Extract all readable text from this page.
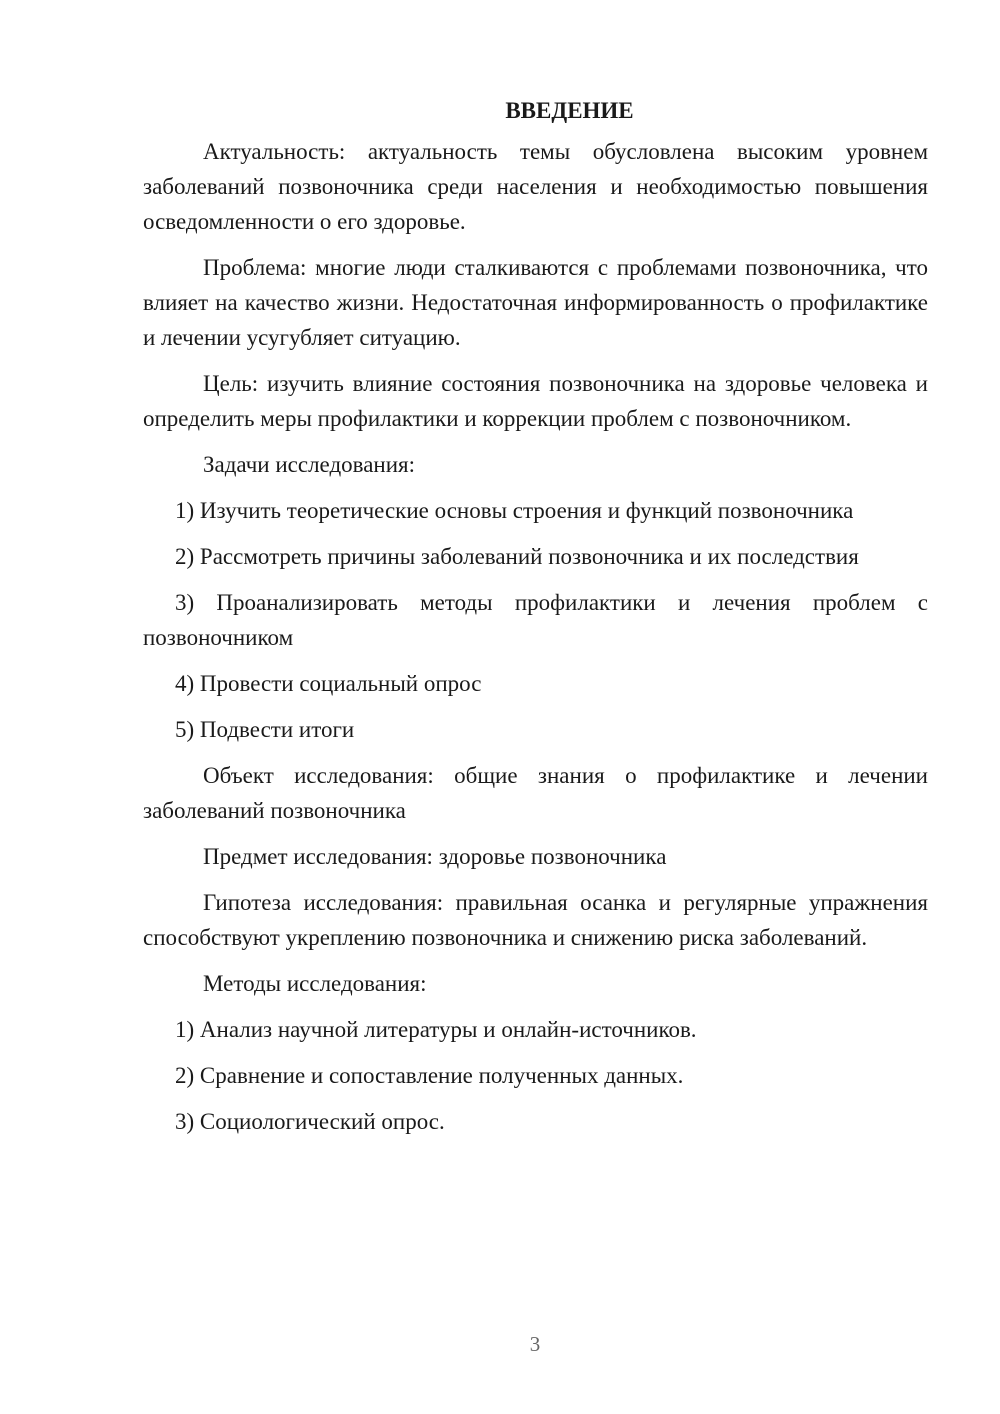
ВВЕДЕНИЕ

Актуальность: актуальность темы обусловлена высоким уровнем заболеваний позвоночника среди населения и необходимостью повышения осведомленности о его здоровье.

Проблема: многие люди сталкиваются с проблемами позвоночника, что влияет на качество жизни. Недостаточная информированность о профилактике и лечении усугубляет ситуацию.

Цель: изучить влияние состояния позвоночника на здоровье человека и определить меры профилактики и коррекции проблем с позвоночником.

Задачи исследования:

1) Изучить теоретические основы строения и функций позвоночника

2) Рассмотреть причины заболеваний позвоночника и их последствия

3) Проанализировать методы профилактики и лечения проблем с позвоночником

4) Провести социальный опрос

5) Подвести итоги

Объект исследования: общие знания о профилактике и лечении заболеваний позвоночника

Предмет исследования: здоровье позвоночника

Гипотеза исследования: правильная осанка и регулярные упражнения способствуют укреплению позвоночника и снижению риска заболеваний.

Методы исследования:

1) Анализ научной литературы и онлайн-источников.

2) Сравнение и сопоставление полученных данных.

3) Социологический опрос.

3
